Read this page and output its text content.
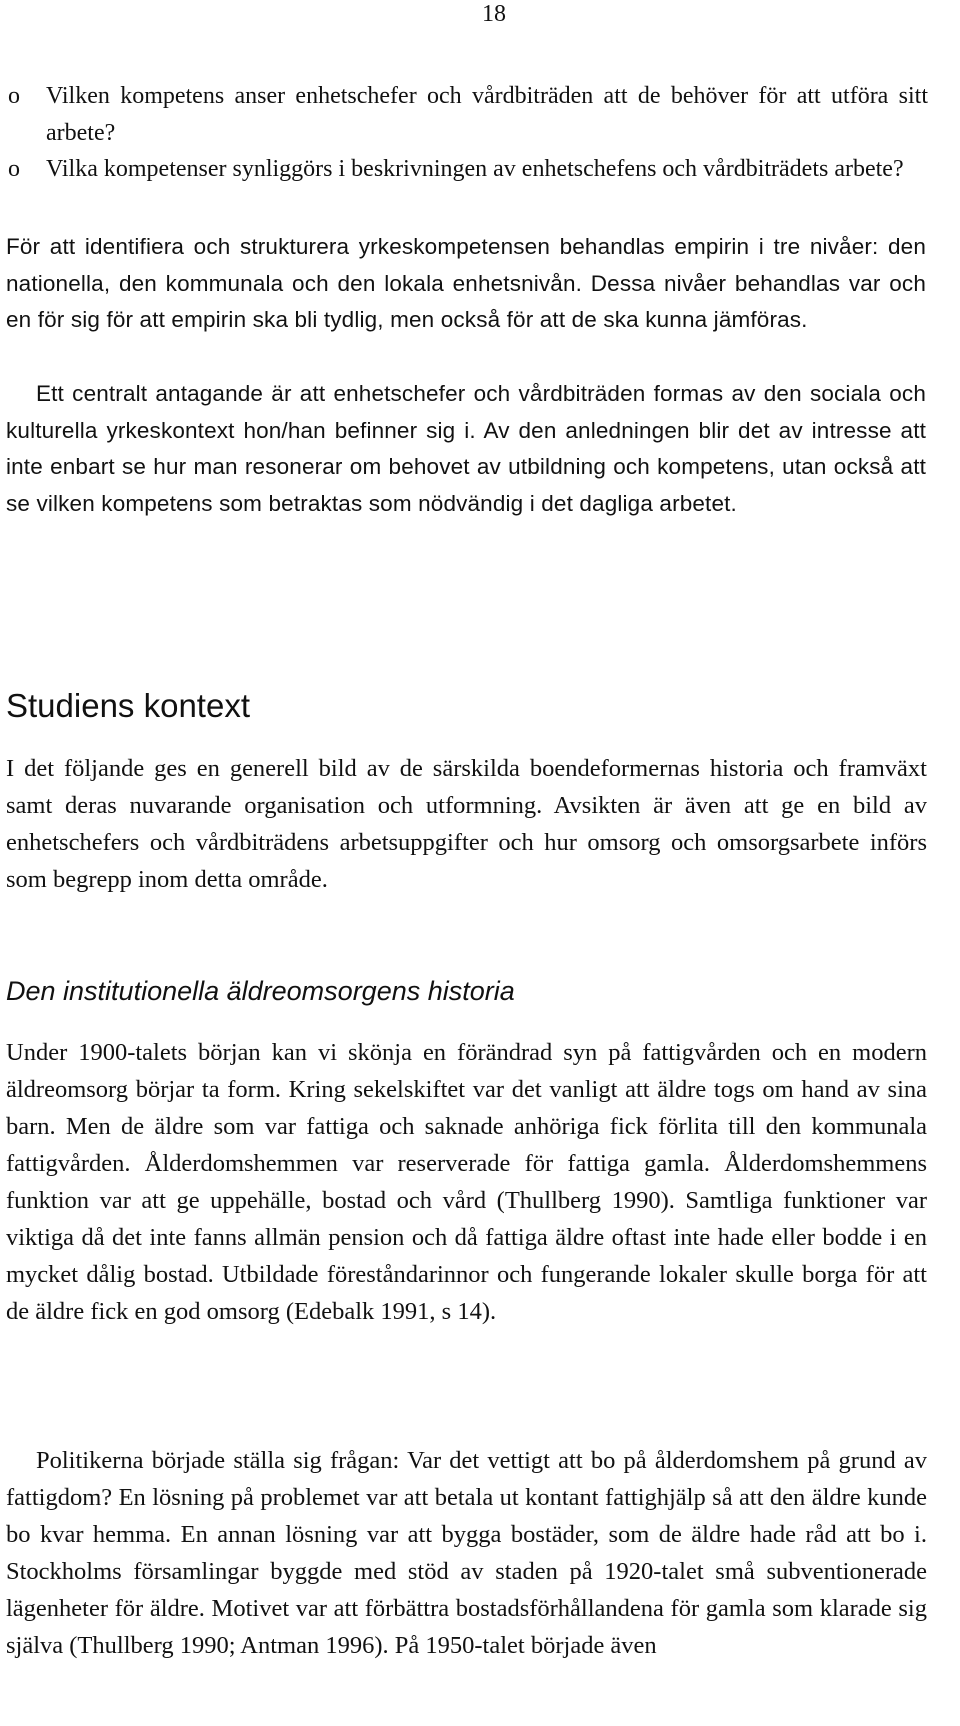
18
o Vilken kompetens anser enhetschefer och vårdbiträden att de behöver för att utföra sitt arbete?
o Vilka kompetenser synliggörs i beskrivningen av enhetschefens och vårdbiträdets arbete?

För att identifiera och strukturera yrkeskompetensen behandlas empirin i tre nivåer: den nationella, den kommunala och den lokala enhetsnivån. Dessa nivåer behandlas var och en för sig för att empirin ska bli tydlig, men också för att de ska kunna jämföras.

Ett centralt antagande är att enhetschefer och vårdbiträden formas av den sociala och kulturella yrkeskontext hon/han befinner sig i. Av den anledningen blir det av intresse att inte enbart se hur man resonerar om behovet av utbildning och kompetens, utan också att se vilken kompetens som betraktas som nödvändig i det dagliga arbetet.

Studiens kontext

I det följande ges en generell bild av de särskilda boendeformernas historia och framväxt samt deras nuvarande organisation och utformning. Avsikten är även att ge en bild av enhetschefers och vårdbiträdens arbetsuppgifter och hur omsorg och omsorgsarbete införs som begrepp inom detta område.

Den institutionella äldreomsorgens historia

Under 1900-talets början kan vi skönja en förändrad syn på fattigvården och en modern äldreomsorg börjar ta form. Kring sekelskiftet var det vanligt att äldre togs om hand av sina barn. Men de äldre som var fattiga och saknade anhöriga fick förlita till den kommunala fattigvården. Ålderdomshemmen var reserverade för fattiga gamla. Ålderdomshemmens funktion var att ge uppehälle, bostad och vård (Thullberg 1990). Samtliga funktioner var viktiga då det inte fanns allmän pension och då fattiga äldre oftast inte hade eller bodde i en mycket dålig bostad. Utbildade föreståndarinnor och fungerande lokaler skulle borga för att de äldre fick en god omsorg (Edebalk 1991, s 14).

Politikerna började ställa sig frågan: Var det vettigt att bo på ålderdomshem på grund av fattigdom? En lösning på problemet var att betala ut kontant fattighjälp så att den äldre kunde bo kvar hemma. En annan lösning var att bygga bostäder, som de äldre hade råd att bo i. Stockholms församlingar byggde med stöd av staden på 1920-talet små subventionerade lägenheter för äldre. Motivet var att förbättra bostadsförhållandena för gamla som klarade sig själva (Thullberg 1990; Antman 1996). På 1950-talet började även
